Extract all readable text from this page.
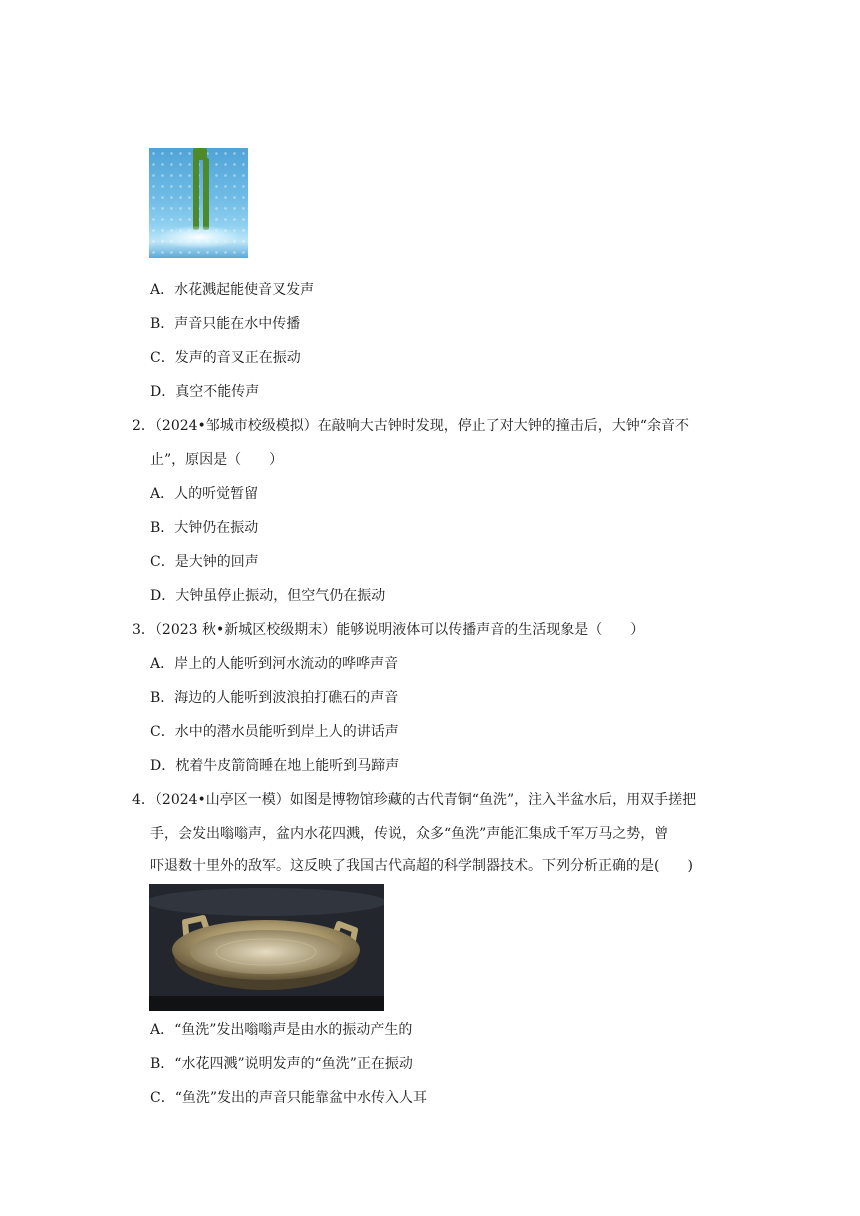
A．水花溅起能使音叉发声
B．声音只能在水中传播
C．发声的音叉正在振动
D．真空不能传声
2．（2024•邹城市校级模拟）在敲响大古钟时发现，停止了对大钟的撞击后，大钟“余音不
止”，原因是（　　）
A．人的听觉暂留
B．大钟仍在振动
C．是大钟的回声
D．大钟虽停止振动，但空气仍在振动
3．（2023 秋•新城区校级期末）能够说明液体可以传播声音的生活现象是（　　）
A．岸上的人能听到河水流动的哗哗声音
B．海边的人能听到波浪拍打礁石的声音
C．水中的潜水员能听到岸上人的讲话声
D．枕着牛皮箭筒睡在地上能听到马蹄声
4．（2024•山亭区一模）如图是博物馆珍藏的古代青铜“鱼洗”，注入半盆水后，用双手搓把
手，会发出嗡嗡声，盆内水花四溅，传说，众多“鱼洗”声能汇集成千军万马之势，曾
吓退数十里外的敌军。这反映了我国古代高超的科学制器技术。下列分析正确的是(　　)
A．“鱼洗”发出嗡嗡声是由水的振动产生的
B．“水花四溅”说明发声的“鱼洗”正在振动
C．“鱼洗”发出的声音只能靠盆中水传入人耳
